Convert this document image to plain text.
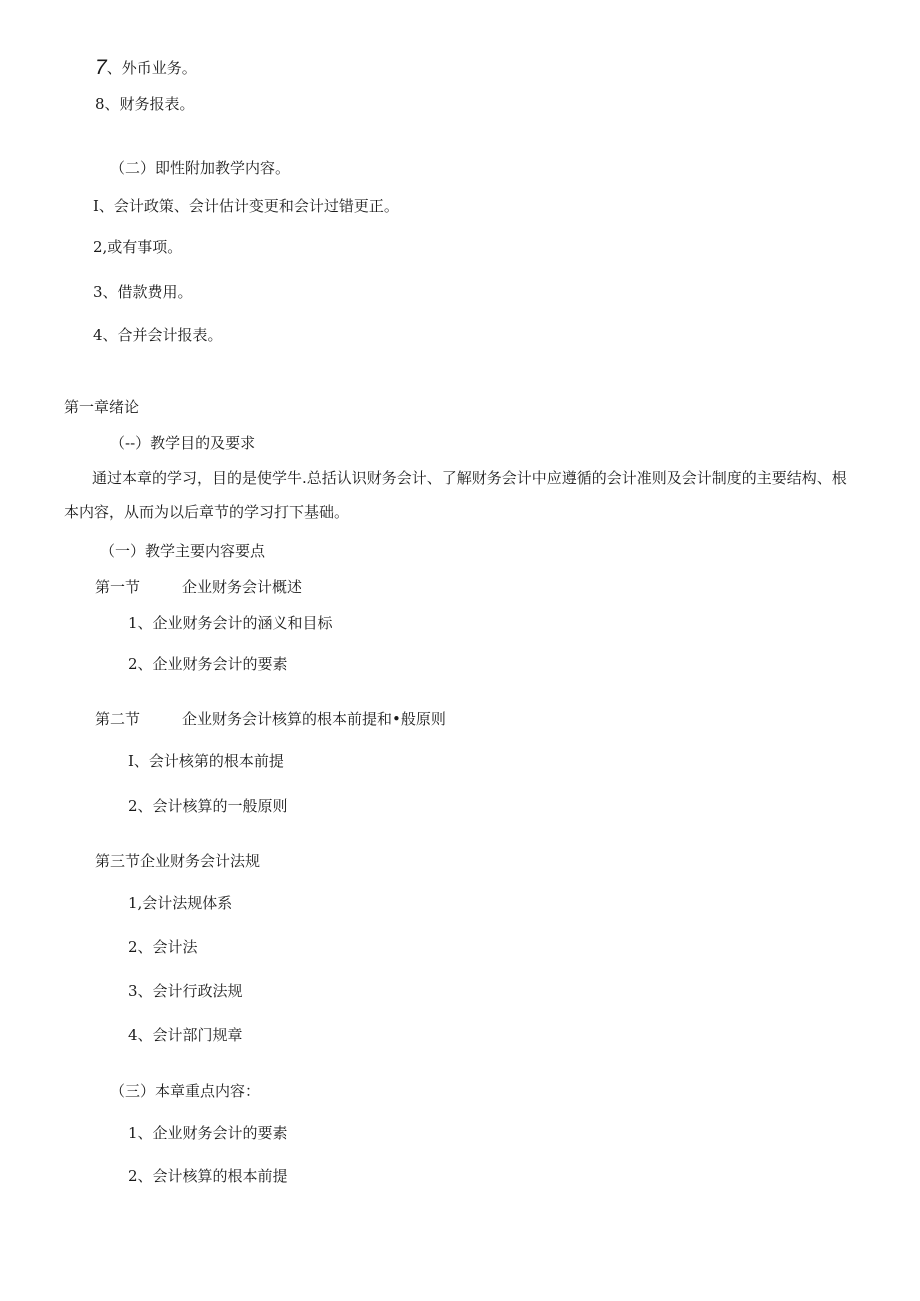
7、外币业务。
8、财务报表。
（二）即性附加教学内容。
I、会计政策、会计估计变更和会计过错更正。
2,或有事项。
3、借款费用。
4、合并会计报表。
第一章绪论
（--）教学目的及要求
通过本章的学习，目的是使学牛.总括认识财务会计、了解财务会计中应遵循的会计准则及会计制度的主要结构、根本内容，从而为以后章节的学习打下基础。
（一）教学主要内容要点
第一节	企业财务会计概述
1、企业财务会计的涵义和目标
2、企业财务会计的要素
第二节	企业财务会计核算的根本前提和•般原则
I、会计核第的根本前提
2、会计核算的一般原则
第三节企业财务会计法规
1,会计法规体系
2、会计法
3、会计行政法规
4、会计部门规章
（三）本章重点内容：
1、企业财务会计的要素
2、会计核算的根本前提
